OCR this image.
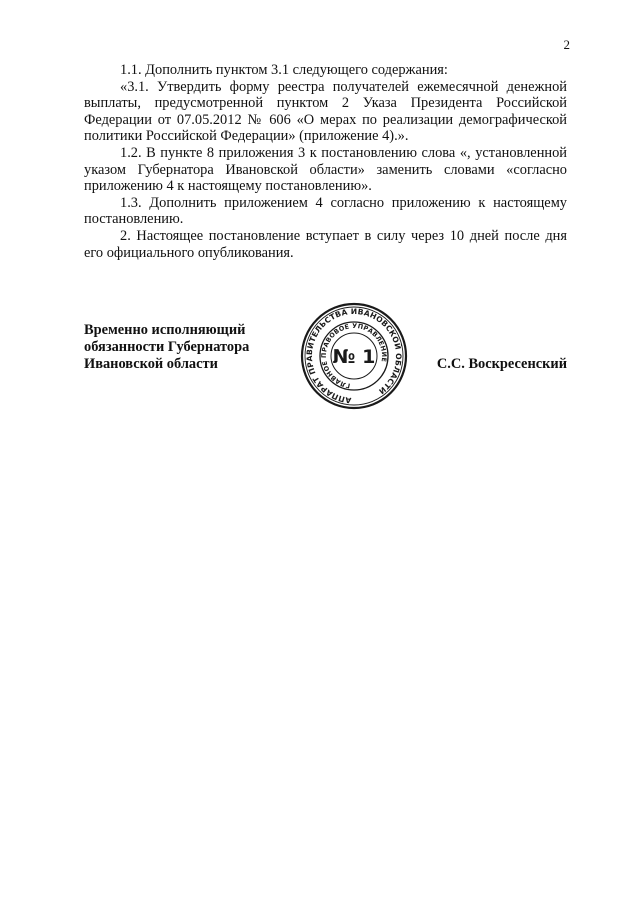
2

1.1. Дополнить пунктом 3.1 следующего содержания:

«3.1. Утвердить форму реестра получателей ежемесячной денежной выплаты, предусмотренной пунктом 2 Указа Президента Российской Федерации от 07.05.2012 № 606 «О мерах по реализации демографической политики Российской Федерации» (приложение 4).».

1.2. В пункте 8 приложения 3 к постановлению слова «, установленной указом Губернатора Ивановской области» заменить словами «согласно приложению 4 к настоящему постановлению».

1.3. Дополнить приложением 4 согласно приложению к настоящему постановлению.

2. Настоящее постановление вступает в силу через 10 дней после дня его официального опубликования.

Временно исполняющий
обязанности Губернатора
Ивановской области
АППАРАТ ПРАВИТЕЛЬСТВА ИВАНОВСКОЙ ОБЛАСТИ
ГЛАВНОЕ ПРАВОВОЕ УПРАВЛЕНИЕ
№ 1	С.С. Воскресенский
